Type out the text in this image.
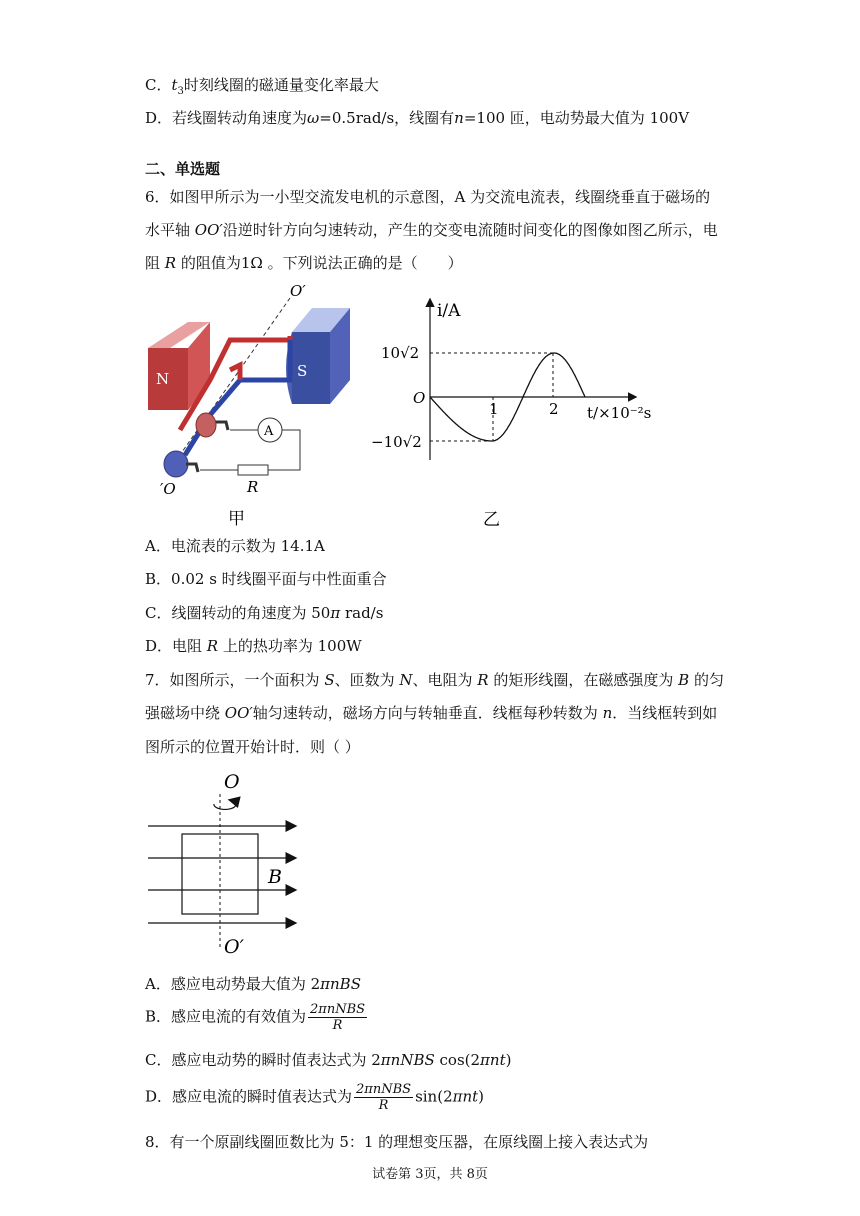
C．$t_3$时刻线圈的磁通量变化率最大
D．若线圈转动角速度为ω=0.5rad/s，线圈有n=100 匝，电动势最大值为 100V
二、单选题
6．如图甲所示为一小型交流发电机的示意图，A 为交流电流表，线圈绕垂直于磁场的
水平轴 OO′沿逆时针方向匀速转动，产生的交变电流随时间变化的图像如图乙所示，电
阻 R 的阻值为1Ω 。下列说法正确的是（　　）
N	S
O′
A
R
′O
甲
i/A
t/×10⁻²s
O
10√2
−10√2
1	2
乙
A．电流表的示数为 14.1A
B．0.02 s 时线圈平面与中性面重合
C．线圈转动的角速度为 50π rad/s
D．电阻 R 上的热功率为 100W
7．如图所示，一个面积为 S、匝数为 N、电阻为 R 的矩形线圈，在磁感强度为 B 的匀
强磁场中绕 OO′轴匀速转动，磁场方向与转轴垂直．线框每秒转数为 n．当线框转到如
图所示的位置开始计时．则（ ）
O
B
O′
A．感应电动势最大值为 2πnBS
B．感应电流的有效值为 $\frac{\text{2πnNBS}}{R}$
C．感应电动势的瞬时值表达式为 2πnNBS cos(2πnt)
D．感应电流的瞬时值表达式为 $\frac{\text{2πnNBS}}{R} \sin(2\pi nt)$
8．有一个原副线圈匝数比为 5：1 的理想变压器，在原线圈上接入表达式为
试卷第 3页，共 8页
